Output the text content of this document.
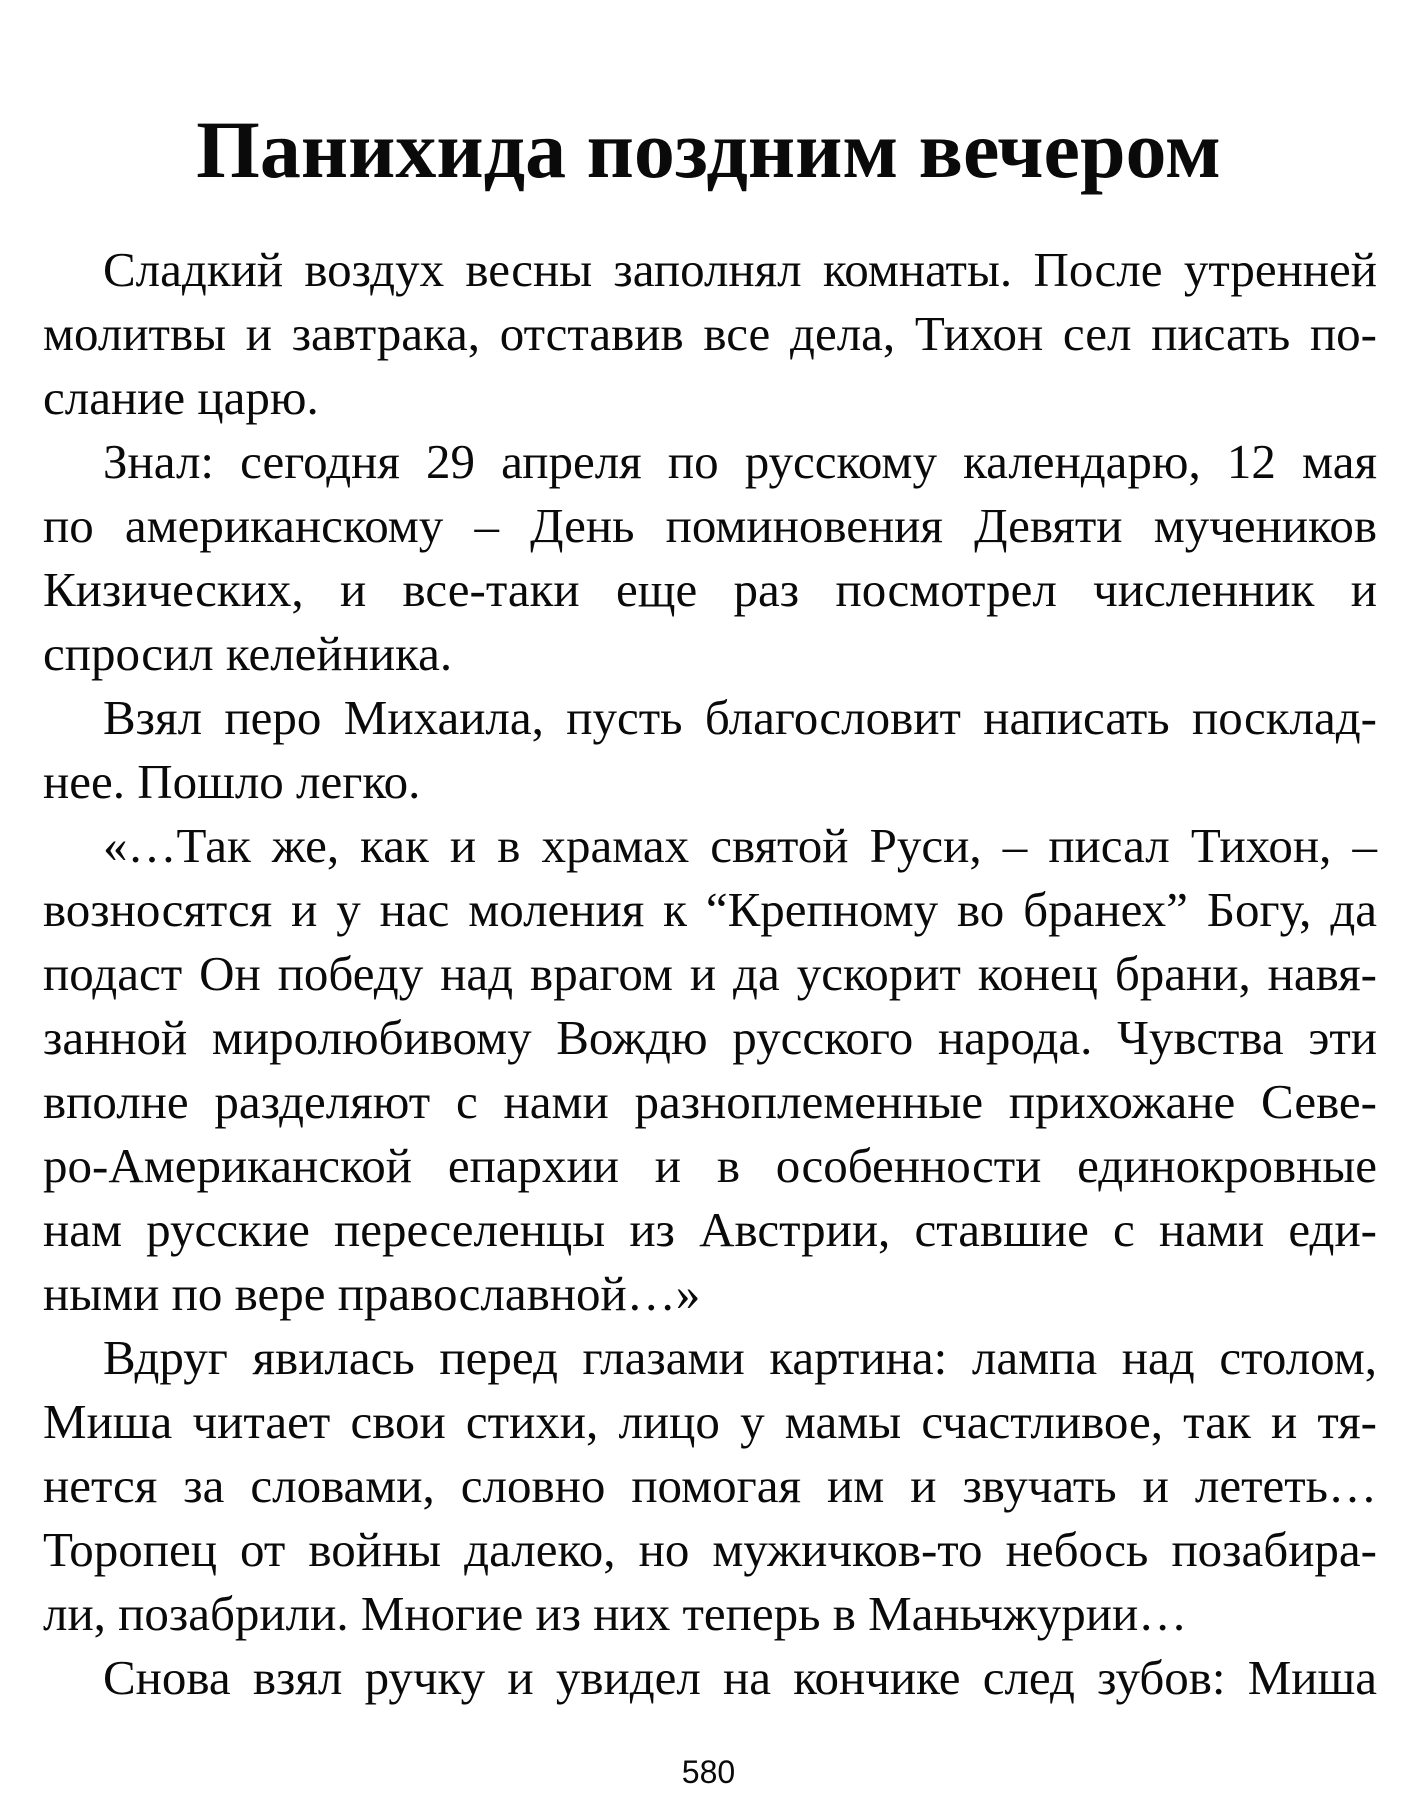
Панихида поздним вечером
Сладкий воздух весны заполнял комнаты. После утренней
молитвы и завтрака, отставив все дела, Тихон сел писать по-
слание царю.
Знал: сегодня 29 апреля по русскому календарю, 12 мая
по американскому – День поминовения Девяти мучеников
Кизических, и все-таки еще раз посмотрел численник и
спросил келейника.
Взял перо Михаила, пусть благословит написать посклад-
нее. Пошло легко.
«…Так же, как и в храмах святой Руси, – писал Тихон, –
возносятся и у нас моления к “Крепному во бранех” Богу, да
подаст Он победу над врагом и да ускорит конец брани, навя-
занной миролюбивому Вождю русского народа. Чувства эти
вполне разделяют с нами разноплеменные прихожане Севе-
ро-Американской епархии и в особенности единокровные
нам русские переселенцы из Австрии, ставшие с нами еди-
ными по вере православной…»
Вдруг явилась перед глазами картина: лампа над столом,
Миша читает свои стихи, лицо у мамы счастливое, так и тя-
нется за словами, словно помогая им и звучать и лететь…
Торопец от войны далеко, но мужичков-то небось позабира-
ли, позабрили. Многие из них теперь в Маньчжурии…
Снова взял ручку и увидел на кончике след зубов: Миша
580
